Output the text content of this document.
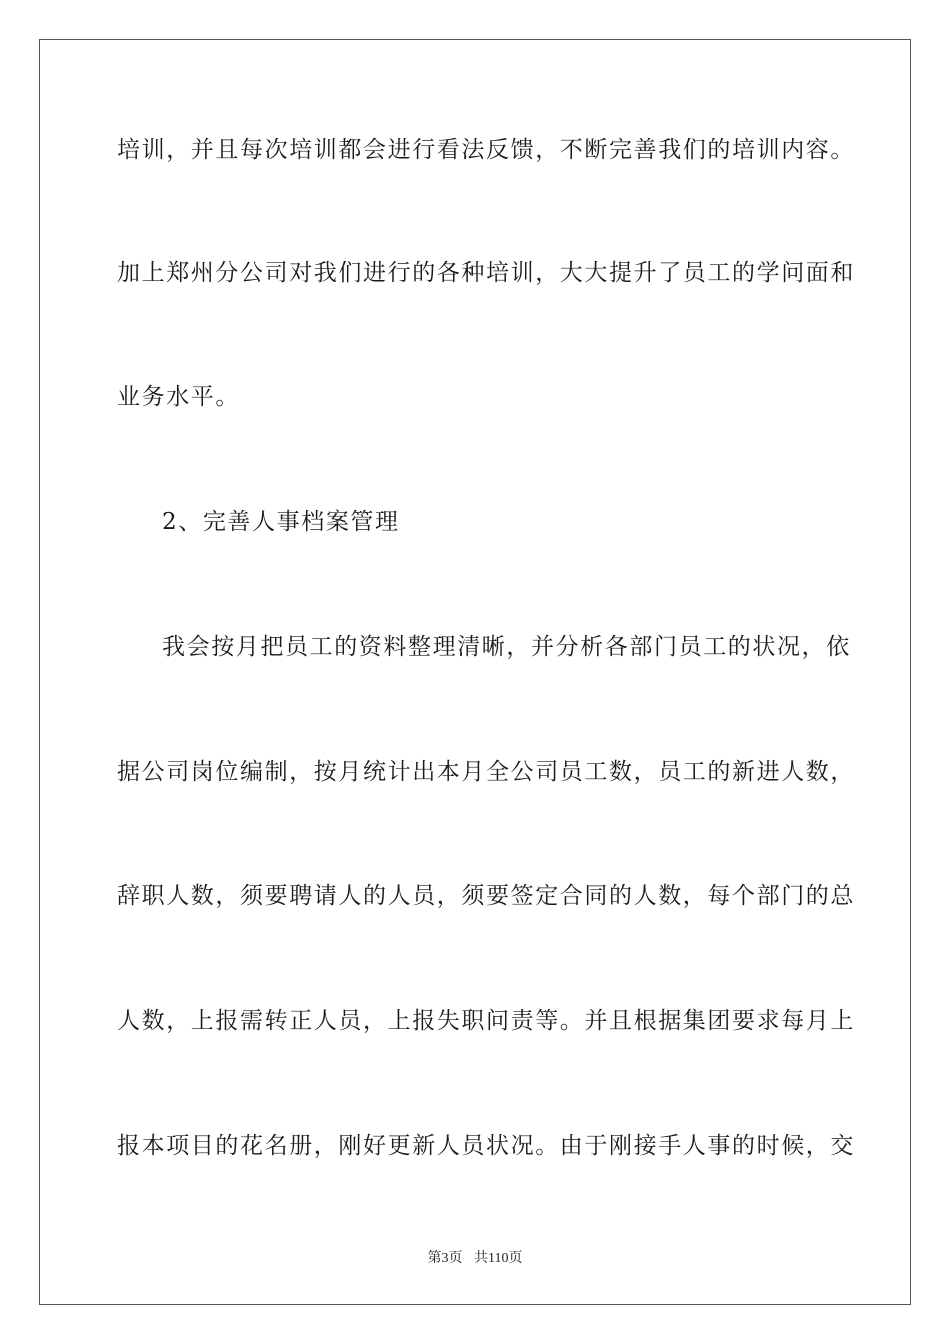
培训，并且每次培训都会进行看法反馈，不断完善我们的培训内容。
加上郑州分公司对我们进行的各种培训，大大提升了员工的学问面和
业务水平。
2、完善人事档案管理
我会按月把员工的资料整理清晰，并分析各部门员工的状况，依
据公司岗位编制，按月统计出本月全公司员工数，员工的新进人数，
辞职人数，须要聘请人的人员，须要签定合同的人数，每个部门的总
人数，上报需转正人员，上报失职问责等。并且根据集团要求每月上
报本项目的花名册，刚好更新人员状况。由于刚接手人事的时候，交
第3页 共110页
